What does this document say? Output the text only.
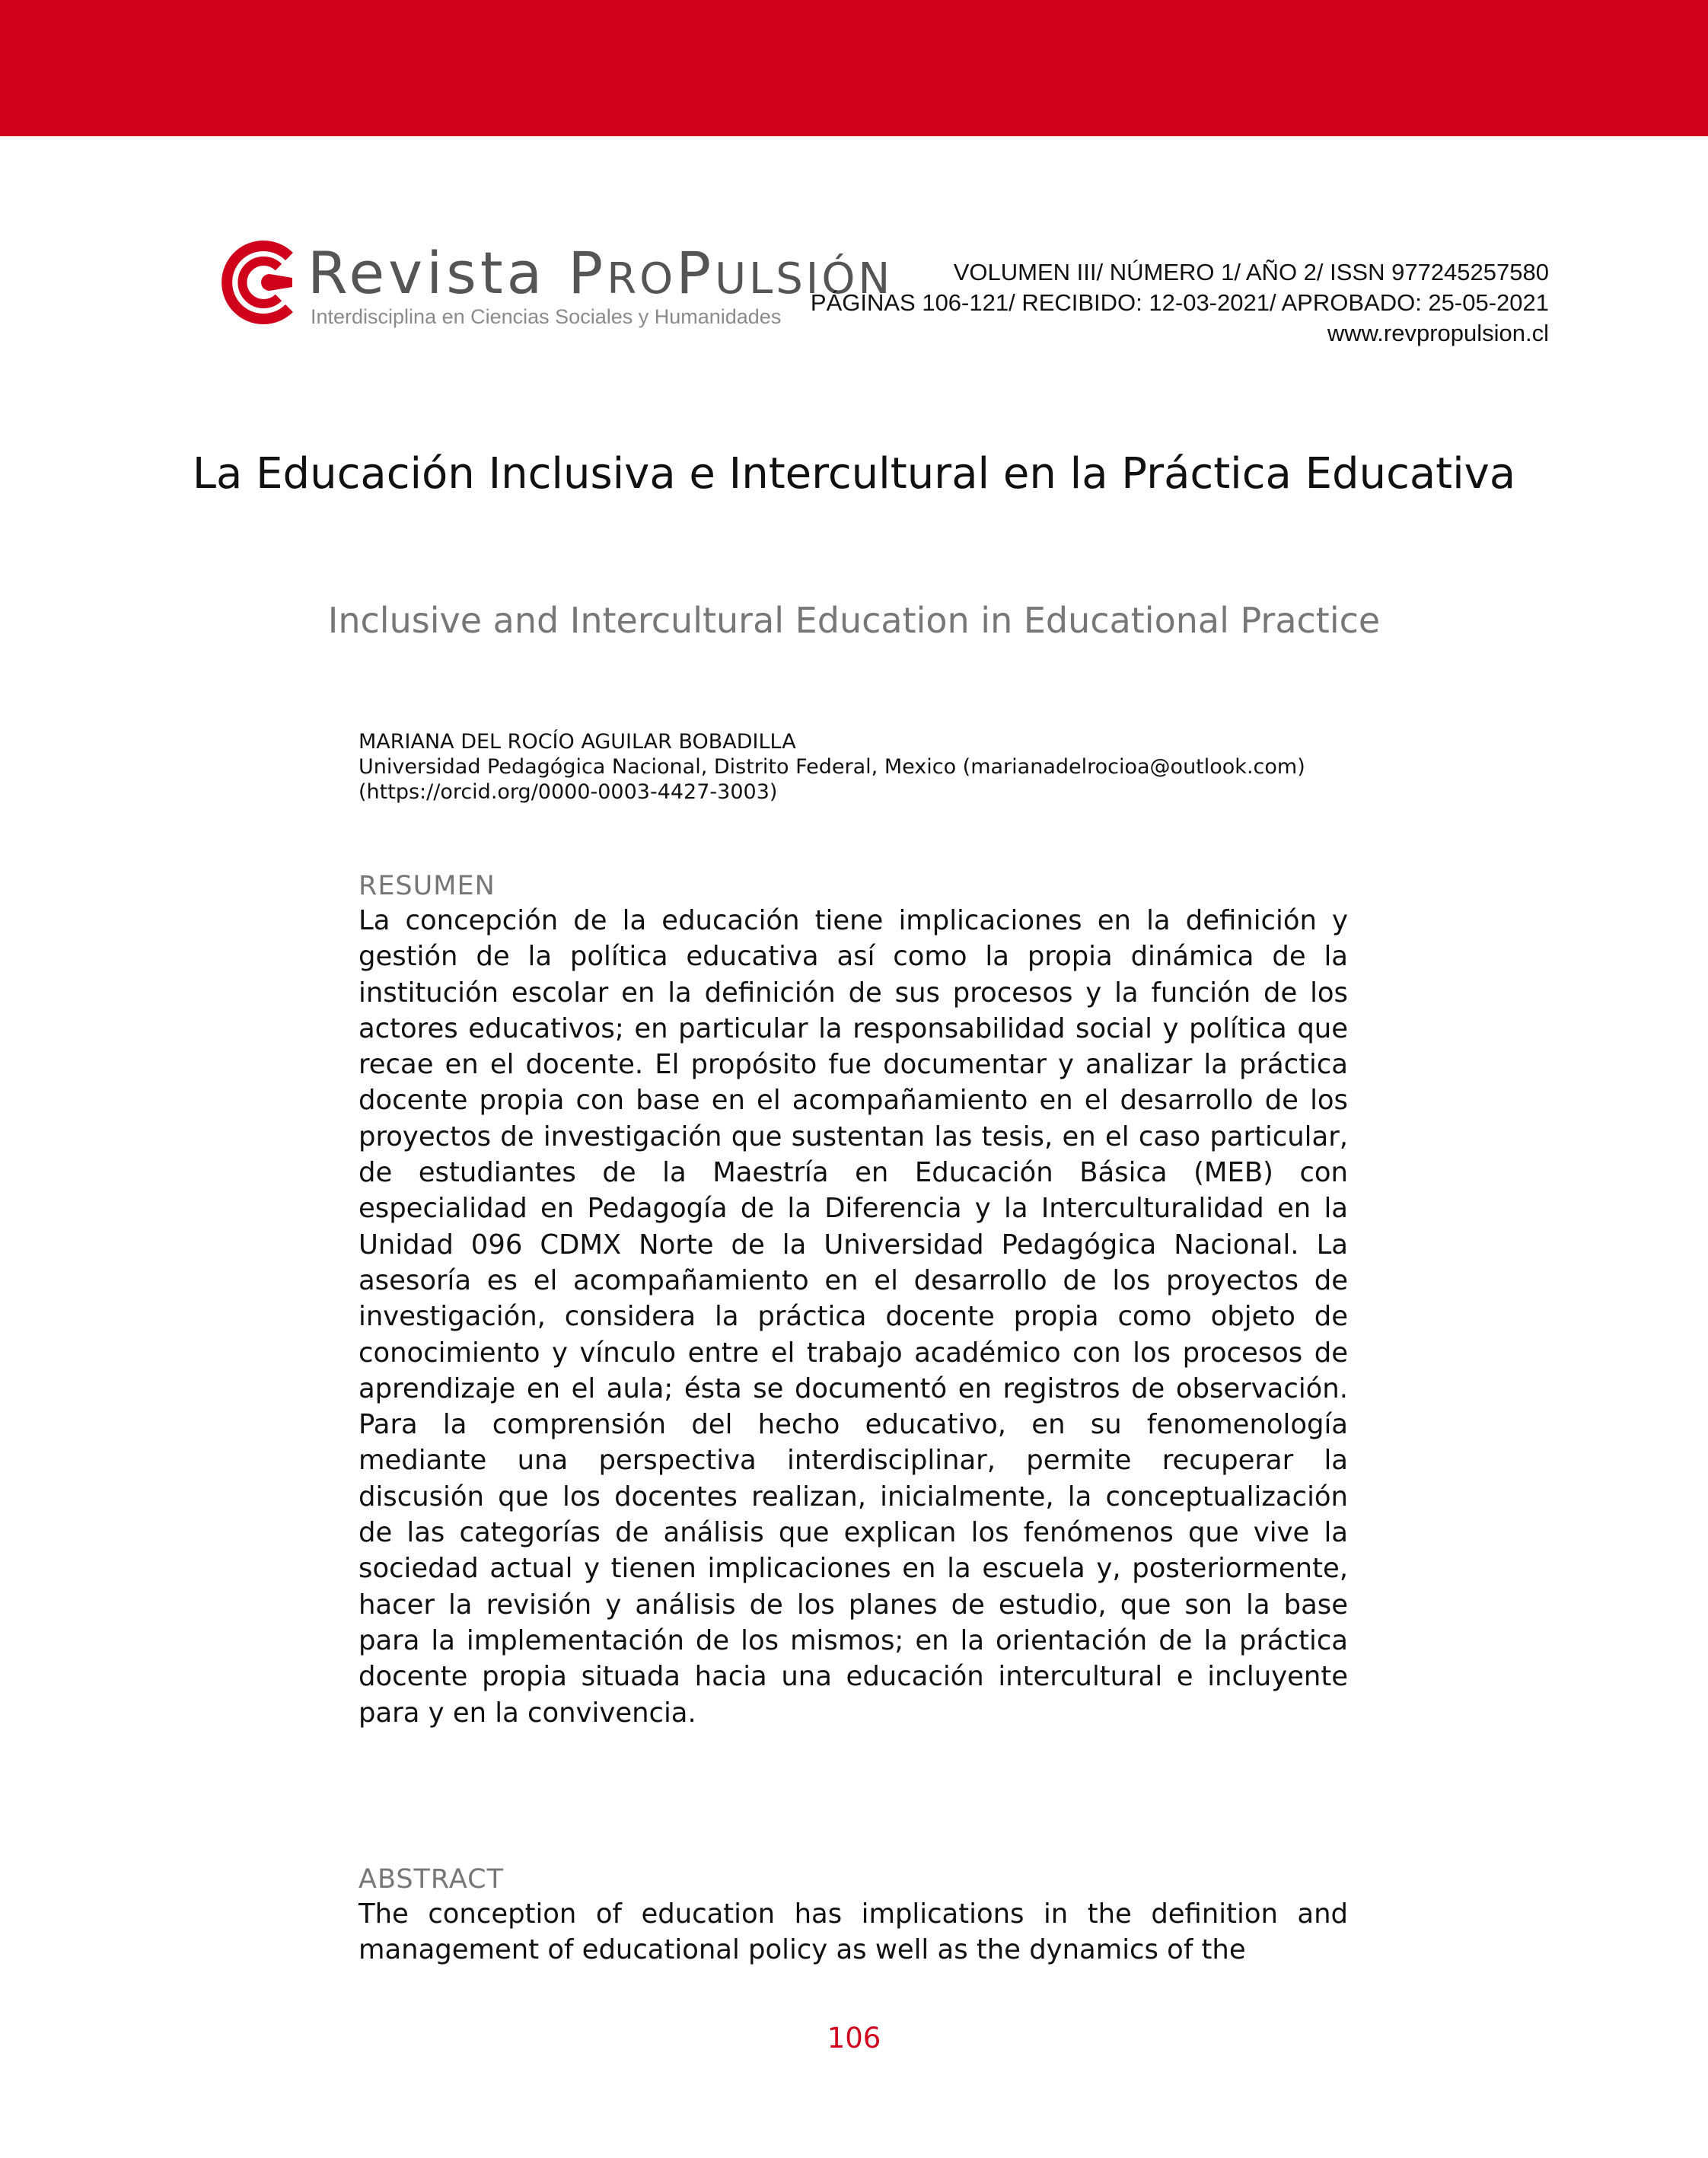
Revista PROPULSIÓN
Interdisciplina en Ciencias Sociales y Humanidades
VOLUMEN III/ NÚMERO 1/ AÑO 2/ ISSN 977245257580
PÁGINAS 106-121/ RECIBIDO: 12-03-2021/ APROBADO: 25-05-2021
www.revpropulsion.cl
La Educación Inclusiva e Intercultural en la Práctica Educativa
Inclusive and Intercultural Education in Educational Practice
MARIANA DEL ROCÍO AGUILAR BOBADILLA
Universidad Pedagógica Nacional, Distrito Federal, Mexico (marianadelrocioa@outlook.com)
(https://orcid.org/0000-0003-4427-3003)
RESUMEN
La concepción de la educación tiene implicaciones en la definición y gestión de la política educativa así como la propia dinámica de la institución escolar en la definición de sus procesos y la función de los actores educativos; en particular la responsabilidad social y política que recae en el docente. El propósito fue documentar y analizar la práctica docente propia con base en el acompañamiento en el desarrollo de los proyectos de investigación que sustentan las tesis, en el caso particular, de estudiantes de la Maestría en Educación Básica (MEB) con especialidad en Pedagogía de la Diferencia y la Interculturalidad en la Unidad 096 CDMX Norte de la Universidad Pedagógica Nacional. La asesoría es el acompañamiento en el desarrollo de los proyectos de investigación, considera la práctica docente propia como objeto de conocimiento y vínculo entre el trabajo académico con los procesos de aprendizaje en el aula; ésta se documentó en registros de observación. Para la comprensión del hecho educativo, en su fenomenología mediante una perspectiva interdisciplinar, permite recuperar la discusión que los docentes realizan, inicialmente, la conceptualización de las categorías de análisis que explican los fenómenos que vive la sociedad actual y tienen implicaciones en la escuela y, posteriormente, hacer la revisión y análisis de los planes de estudio, que son la base para la implementación de los mismos; en la orientación de la práctica docente propia situada hacia una educación intercultural e incluyente para y en la convivencia.
ABSTRACT
The conception of education has implications in the definition and management of educational policy as well as the dynamics of the
106
